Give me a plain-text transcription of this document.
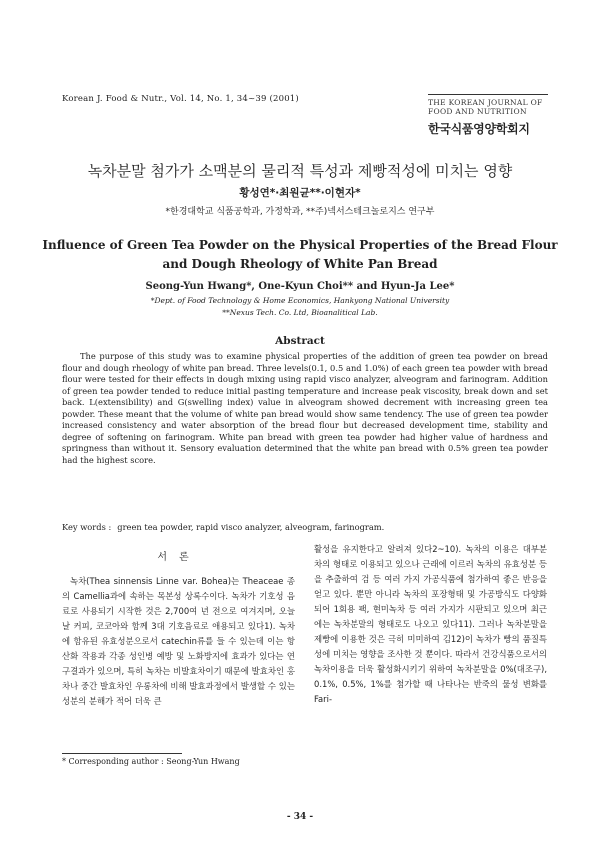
Korean J. Food & Nutr., Vol. 14, No. 1, 34~39 (2001)	THE KOREAN JOURNAL OF
FOOD AND NUTRITION
한국식품영양학회지
녹차분말 첨가가 소맥분의 물리적 특성과 제빵적성에 미치는 영향
황성연*·최원균**·이현자*
*한경대학교 식품공학과, 가정학과, **주)넥서스테크놀로지스 연구부
Influence of Green Tea Powder on the Physical Properties of the Bread Flour
and Dough Rheology of White Pan Bread
Seong-Yun Hwang*, One-Kyun Choi** and Hyun-Ja Lee*
*Dept. of Food Technology & Home Economics, Hankyong National University
**Nexus Tech. Co. Ltd, Bioanalitical Lab.
Abstract

The purpose of this study was to examine physical properties of the addition of green tea powder on bread flour and dough rheology of white pan bread. Three levels(0.1, 0.5 and 1.0%) of each green tea powder with bread flour were tested for their effects in dough mixing using rapid visco analyzer, alveogram and farinogram. Addition of green tea powder tended to reduce initial pasting temperature and increase peak viscosity, break down and set back. L(extensibility) and G(swelling index) value in alveogram showed decrement with increasing green tea powder. These meant that the volume of white pan bread would show same tendency. The use of green tea powder increased consistency and water absorption of the bread flour but decreased development time, stability and degree of softening on farinogram. White pan bread with green tea powder had higher value of hardness and springness than without it. Sensory evaluation determined that the white pan bread with 0.5% green tea powder had the highest score.

Key words : green tea powder, rapid visco analyzer, alveogram, farinogram.
서론

녹차(Thea sinnensis Linne var. Bohea)는 Theaceae 종의 Camellia과에 속하는 목본성 상록수이다. 녹차가 기호성 음료로 사용되기 시작한 것은 2,700여 년 전으로 여겨지며, 오늘날 커피, 코코아와 함께 3대 기호음료로 애용되고 있다1). 녹차에 함유된 유효성분으로서 catechin류를 들 수 있는데 이는 항산화 작용과 각종 성인병 예방 및 노화방지에 효과가 있다는 연구결과가 있으며, 특히 녹차는 비발효차이기 때문에 발효차인 홍차나 중간 발효차인 우롱차에 비해 발효과정에서 발생할 수 있는 성분의 분해가 적어 더욱 큰

활성을 유지한다고 알려져 있다2~10). 녹차의 이용은 대부분 차의 형태로 이용되고 있으나 근래에 이르러 녹차의 유효성분 등을 추출하여 검 등 여러 가지 가공식품에 첨가하여 좋은 반응을 얻고 있다. 뿐만 아니라 녹차의 포장형태 및 가공방식도 다양화되어 1회용 팩, 현미녹차 등 여러 가지가 시판되고 있으며 최근에는 녹차분말의 형태로도 나오고 있다11). 그러나 녹차분말을 제빵에 이용한 것은 극히 미미하여 김12)이 녹차가 빵의 품질특성에 미치는 영향을 조사한 것 뿐이다. 따라서 건강식품으로서의 녹차이용을 더욱 활성화시키기 위하여 녹차분말을 0%(대조구), 0.1%, 0.5%, 1%를 첨가할 때 나타나는 반죽의 물성 변화를 Fari-

* Corresponding author : Seong-Yun Hwang
- 34 -
